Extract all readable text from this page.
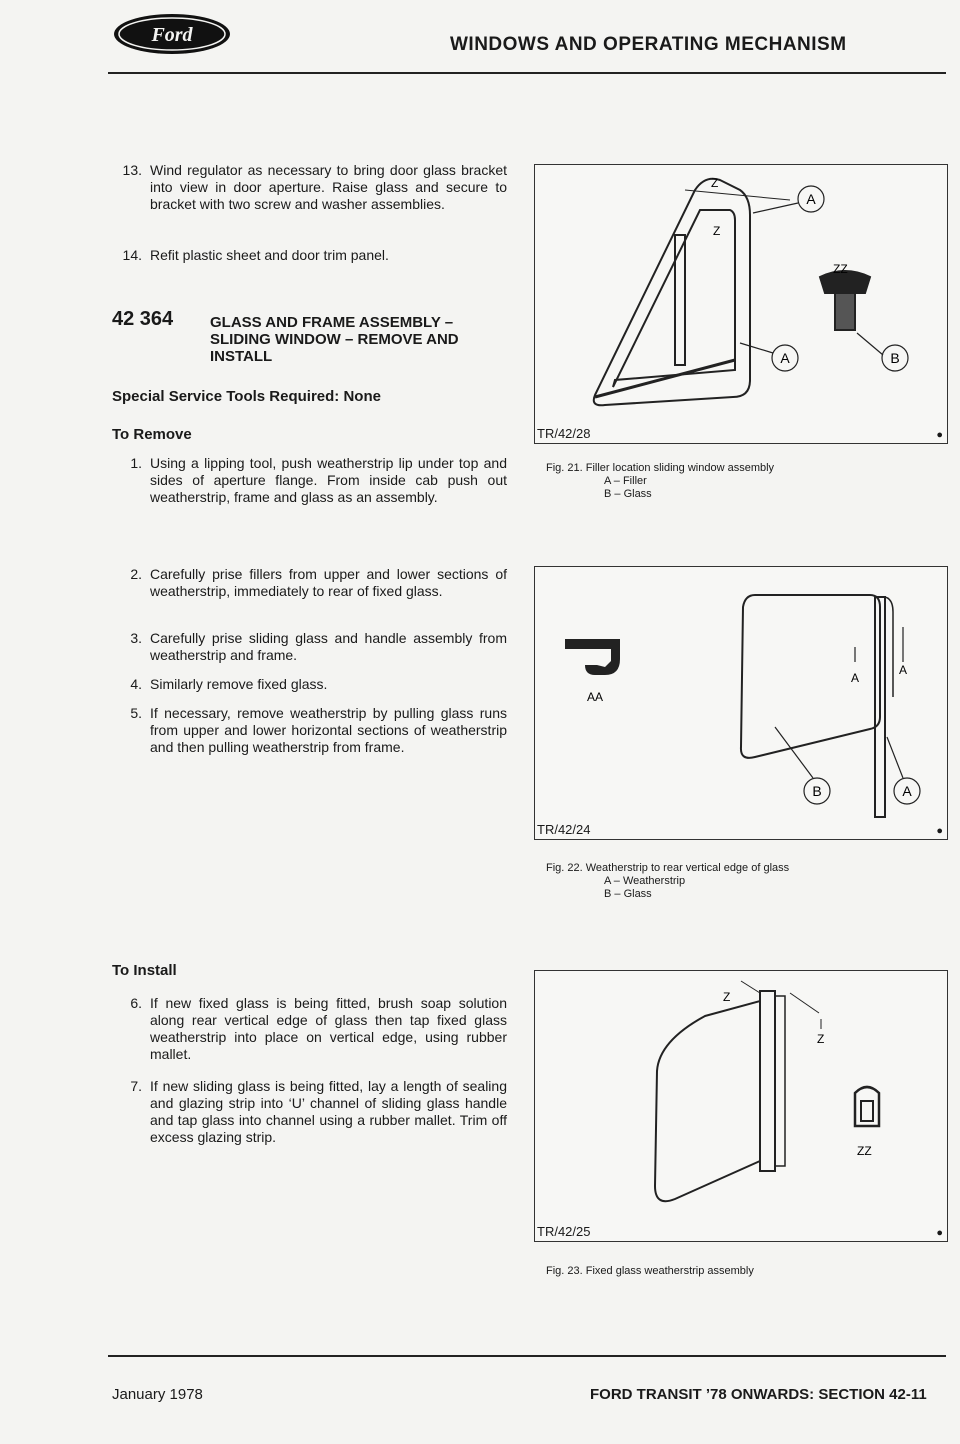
Ford	WINDOWS AND OPERATING MECHANISM
13. Wind regulator as necessary to bring door glass bracket into view in door aperture. Raise glass and secure to bracket with two screw and washer assemblies.
14. Refit plastic sheet and door trim panel.
42 364 GLASS AND FRAME ASSEMBLY – SLIDING WINDOW – REMOVE AND INSTALL
Special Service Tools Required: None
To Remove
1. Using a lipping tool, push weatherstrip lip under top and sides of aperture flange. From inside cab push out weatherstrip, frame and glass as an assembly.
2. Carefully prise fillers from upper and lower sections of weatherstrip, immediately to rear of fixed glass.
3. Carefully prise sliding glass and handle assembly from weatherstrip and frame.
4. Similarly remove fixed glass.
5. If necessary, remove weatherstrip by pulling glass runs from upper and lower horizontal sections of weatherstrip and then pulling weatherstrip from frame.
To Install
6. If new fixed glass is being fitted, brush soap solution along rear vertical edge of glass then tap fixed glass weatherstrip into place on vertical edge, using rubber mallet.
7. If new sliding glass is being fitted, lay a length of sealing and glazing strip into ‘U’ channel of sliding glass handle and tap glass into channel using a rubber mallet. Trim off excess glazing strip.
A
A	B
Z
Z
ZZ
TR/42/28	●
Fig. 21. Filler location sliding window assembly
A – Filler
B – Glass
B	A
A
A
AA
TR/42/24	●
Fig. 22. Weatherstrip to rear vertical edge of glass
A – Weatherstrip
B – Glass
Z
Z
ZZ
TR/42/25	●
Fig. 23. Fixed glass weatherstrip assembly
January 1978	FORD TRANSIT ’78 ONWARDS: SECTION 42-11
